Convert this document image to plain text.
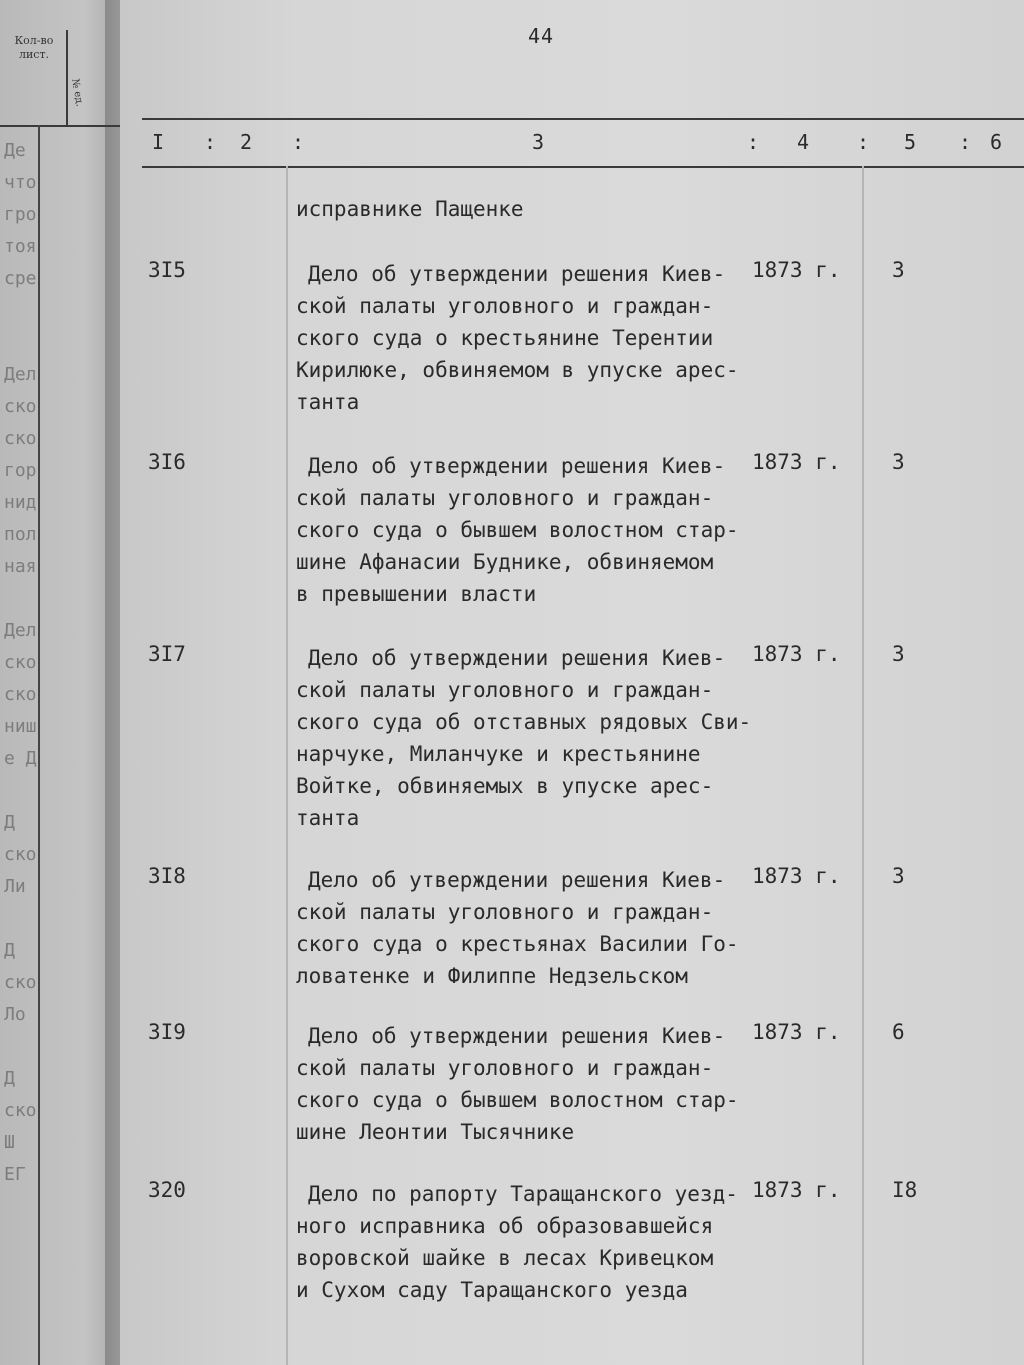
Кол-во лист.
№ ед.
Де
что
гро
тоя
сре
Дел
ско
ско
гор
нид
пол
ная
Дел
ско
ско
ниш
е Д
Д
ско
Ли
Д
ско
Ло
Д
ско
Ш
ЕГ
44
I : 2 :	3	: 4 : 5 : 6
исправнике Пащенке
3I5	Дело об утверждении решения Киев-
ской палаты уголовного и граждан-
ского суда о крестьянине Терентии
Кирилюке, обвиняемом в упуске арес-
танта
1873 г. 3
3I6	Дело об утверждении решения Киев-
ской палаты уголовного и граждан-
ского суда о бывшем волостном стар-
шине Афанасии Буднике, обвиняемом
в превышении власти
1873 г. 3
3I7	Дело об утверждении решения Киев-
ской палаты уголовного и граждан-
ского суда об отставных рядовых Сви-
нарчуке, Миланчуке и крестьянине
Войтке, обвиняемых в упуске арес-
танта
1873 г. 3
3I8	Дело об утверждении решения Киев-
ской палаты уголовного и граждан-
ского суда о крестьянах Василии Го-
ловатенке и Филиппе Недзельском
1873 г. 3
3I9	Дело об утверждении решения Киев-
ской палаты уголовного и граждан-
ского суда о бывшем волостном стар-
шине Леонтии Тысячнике
1873 г. 6
320	Дело по рапорту Таращанского уезд-
ного исправника об образовавшейся
воровской шайке в лесах Кривецком
и Сухом саду Таращанского уезда
1873 г. I8
